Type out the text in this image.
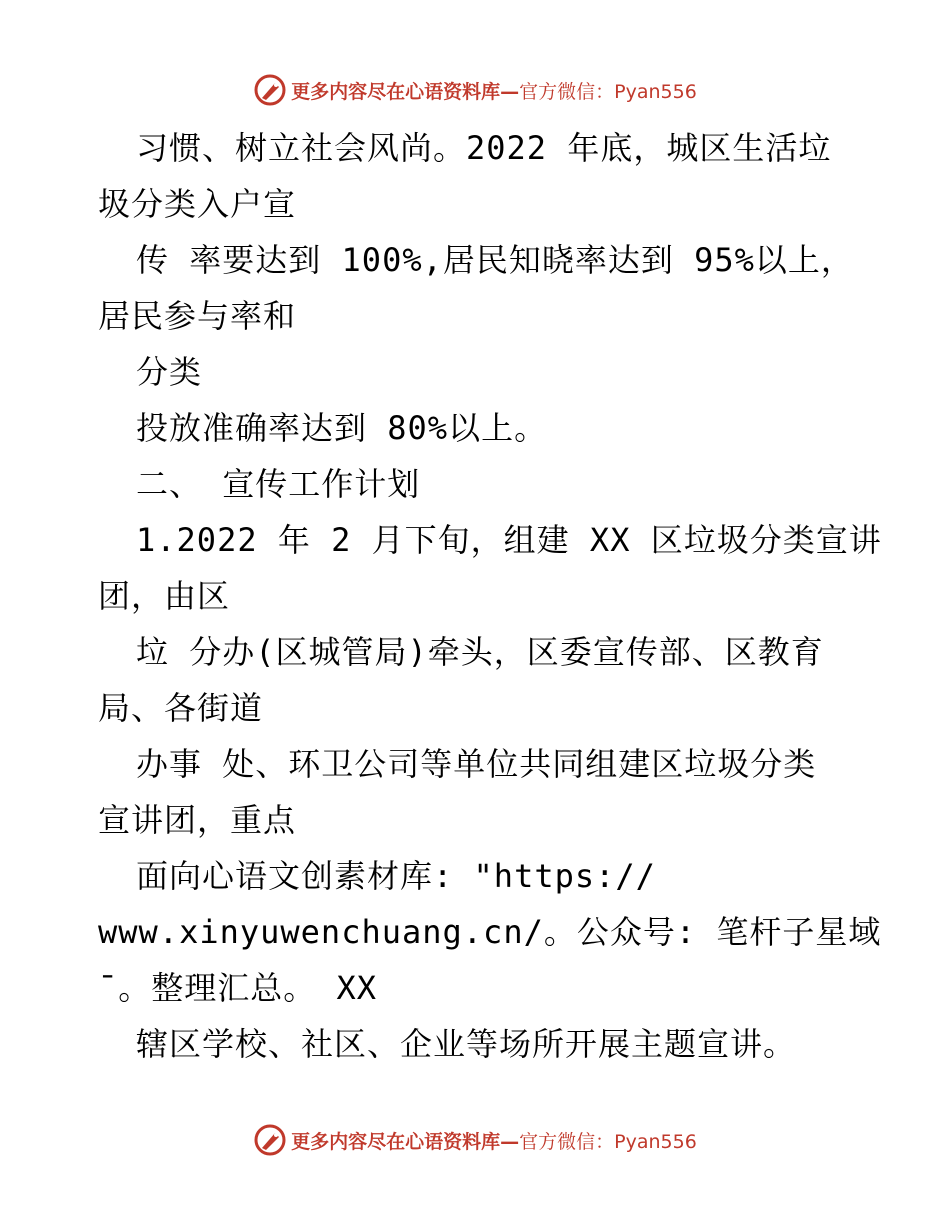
更多内容尽在心语资料库— 官方微信：Pyan556
习惯、树立社会风尚。2022 年底，城区生活垃
圾分类入户宣
传 率要达到 100%,居民知晓率达到 95%以上，
居民参与率和
分类
投放准确率达到 80%以上。
二、 宣传工作计划
1.2022 年 2 月下旬，组建 XX 区垃圾分类宣讲
团，由区
垃 分办(区城管局)牵头，区委宣传部、区教育
局、各街道
办事 处、环卫公司等单位共同组建区垃圾分类
宣讲团，重点
面向心语文创素材库: "https://
www.xinyuwenchuang.cn/。公众号: 笔杆子星域
¯。整理汇总。 XX
辖区学校、社区、企业等场所开展主题宣讲。
更多内容尽在心语资料库— 官方微信：Pyan556
